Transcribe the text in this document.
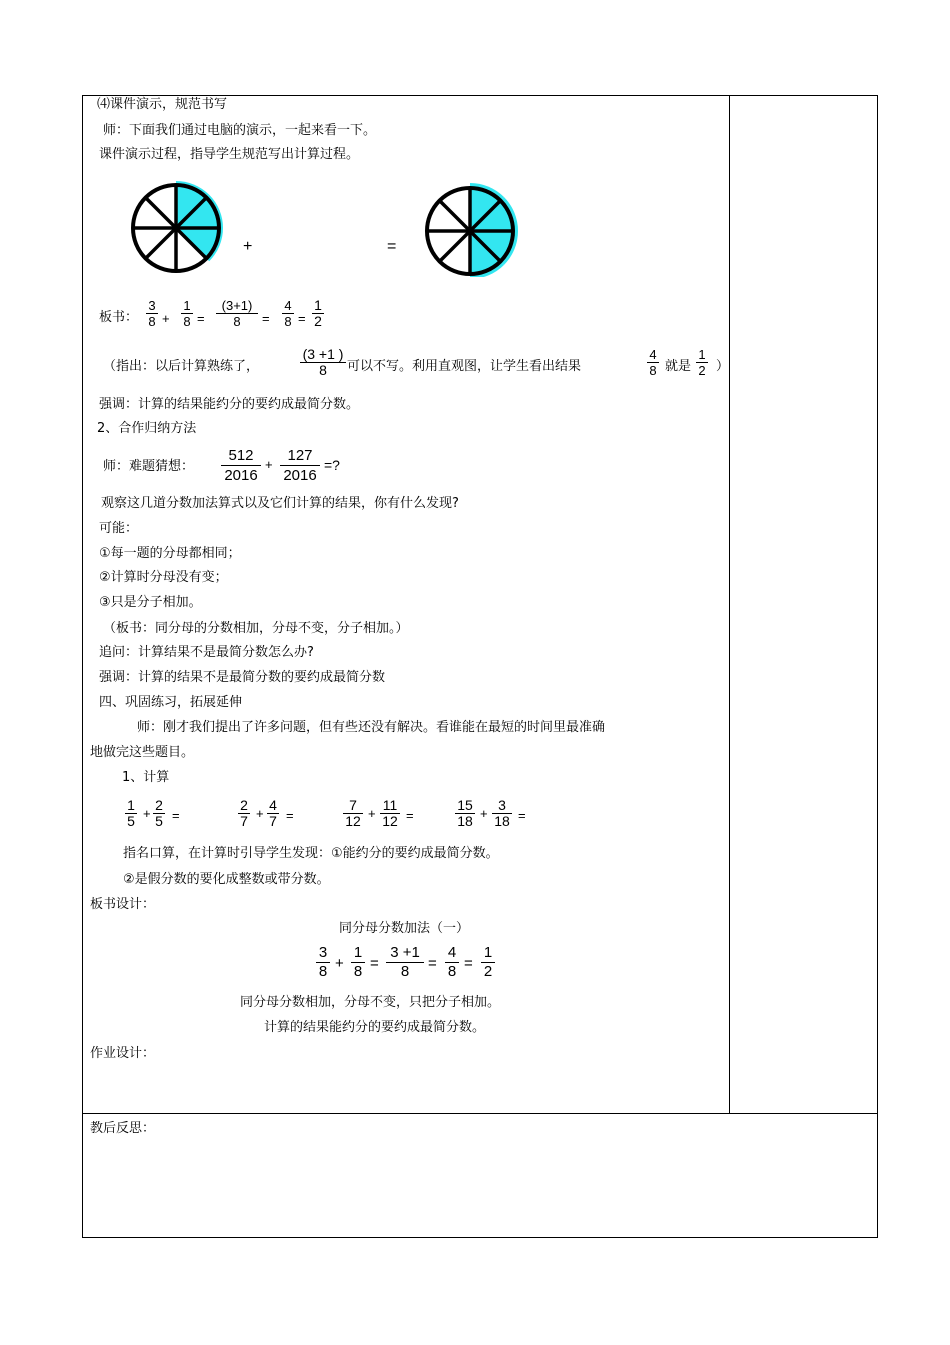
⑷课件演示，规范书写
师：下面我们通过电脑的演示，一起来看一下。
课件演示过程，指导学生规范写出计算过程。
+	=
板书：
3
8 +
1
8 =
(3+1)
8 =
4
8 =
1
2
（指出：以后计算熟练了，
(3 +1 )
8 可以不写。利用直观图，让学生看出结果
4
8 就是
1
2 ）
强调：计算的结果能约分的要约成最简分数。
2、合作归纳方法
师：难题猜想：
512
2016
+
127
2016
=?
观察这几道分数加法算式以及它们计算的结果，你有什么发现?
可能：
①每一题的分母都相同；
②计算时分母没有变；
③只是分子相加。
（板书：同分母的分数相加，分母不变，分子相加。）
追问：计算结果不是最简分数怎么办?
强调：计算的结果不是最简分数的要约成最简分数
四、巩固练习，拓展延伸
师：刚才我们提出了许多问题，但有些还没有解决。看谁能在最短的时间里最准确
地做完这些题目。
1、计算
1
5 +
2
5 =
2
7 +
4
7 =
7
12 +
11
12 =
15
18 +
3
18 =
指名口算，在计算时引导学生发现：①能约分的要约成最简分数。
②是假分数的要化成整数或带分数。
板书设计：
同分母分数加法（一）
3
8 +
1
8 =
3 +1
8 =
4
8 =
1
2
同分母分数相加，分母不变，只把分子相加。
计算的结果能约分的要约成最简分数。
作业设计：
教后反思：
